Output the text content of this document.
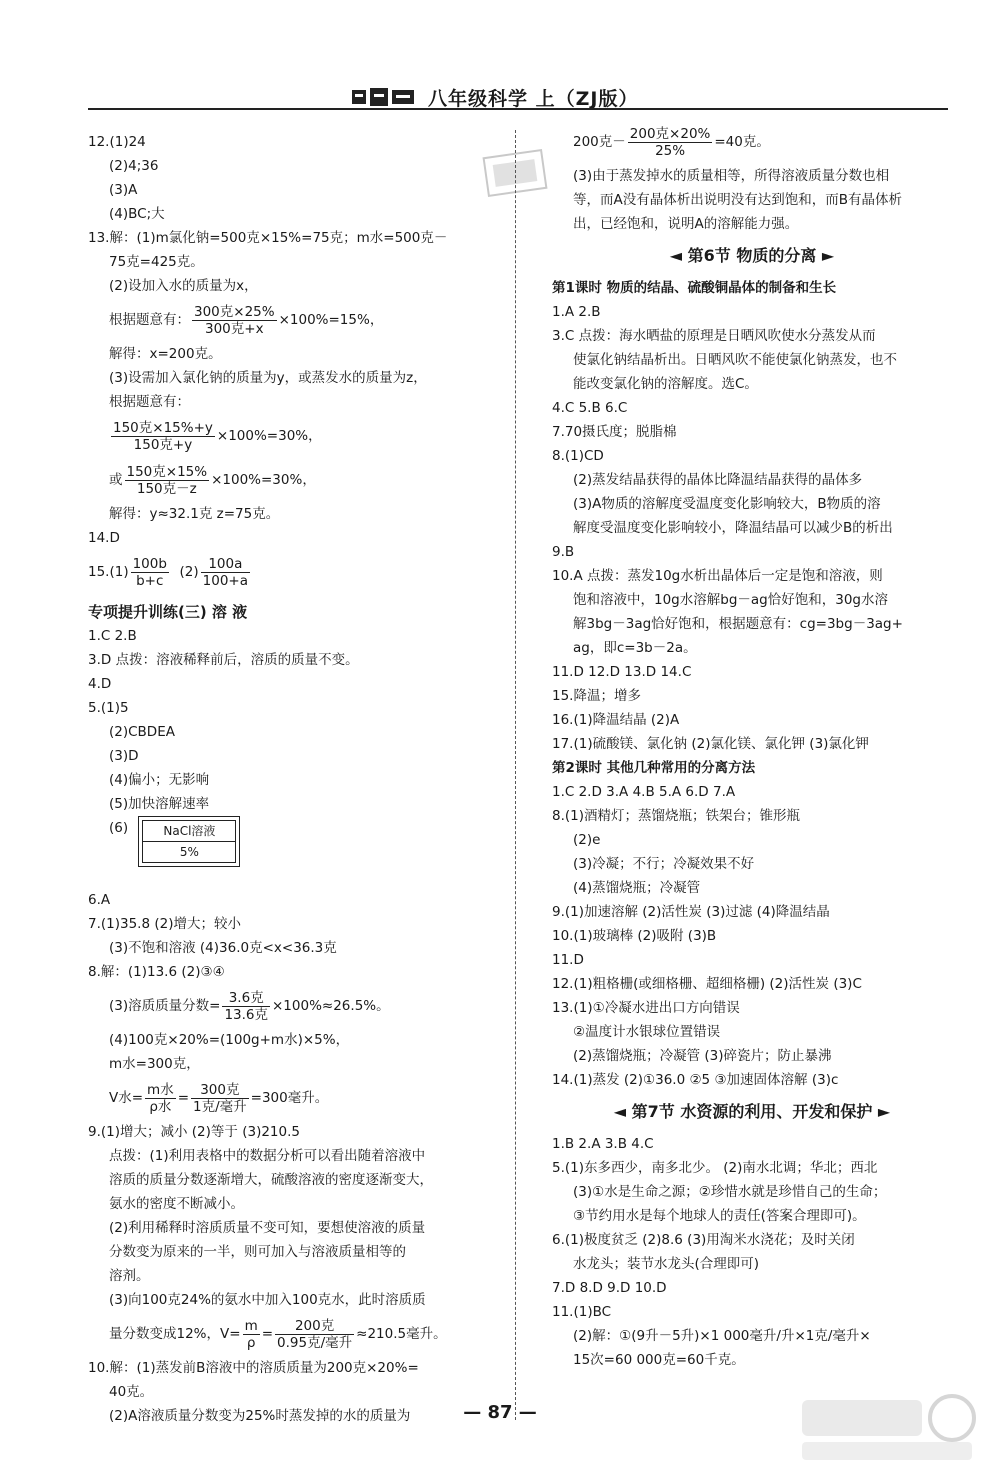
八年级科学 上（ZJ版）
12.(1)24
(2)4;36
(3)A
(4)BC;大
13.解：(1)m氯化钠=500克×15%=75克；m水=500克－
75克=425克。
(2)设加入水的质量为x，
根据题意有： $\frac{\text{300克×25\%}}{\text{300克+x}} \times 100\%=15\%$，
解得：x=200克。
(3)设需加入氯化钠的质量为y，或蒸发水的质量为z，
根据题意有：
$\frac{\text{150克×15\%+y}}{\text{150克+y}} \times 100\%=30\%$，
或 $\frac{\text{150克×15\%}}{\text{150克－z}} \times 100\%=30\%$，
解得：y≈32.1克 z=75克。
14.D
$15.(1) \frac{100b}{b+c} (2) \frac{100a}{100+a}$
专项提升训练(三) 溶 液
1.C 2.B
3.D 点拨：溶液稀释前后，溶质的质量不变。
4.D
5.(1)5
(2)CBDEA
(3)D
(4)偏小；无影响
(5)加快溶解速率
(6)	NaCl溶液
5%
6.A
7.(1)35.8 (2)增大；较小
(3)不饱和溶液 (4)36.0克<x<36.3克
8.解：(1)13.6 (2)③④
(3)溶质质量分数= $\frac{\text{3.6克}}{\text{13.6克}} \times 100\%\approx 26.5\%$。
(4)100克×20%=(100g+m水)×5%，
m水=300克，
V水= $\frac{\text{m水}}{\text{ρ水}} = \frac{\text{300克}}{\text{1克/毫升}} =300$毫升。
9.(1)增大；减小 (2)等于 (3)210.5
点拨：(1)利用表格中的数据分析可以看出随着溶液中
溶质的质量分数逐渐增大，硫酸溶液的密度逐渐变大，
氨水的密度不断减小。
(2)利用稀释时溶质质量不变可知，要想使溶液的质量
分数变为原来的一半，则可加入与溶液质量相等的
溶剂。
(3)向100克24%的氨水中加入100克水，此时溶质质
量分数变成12%，$V= \frac{m}{\rho} = \frac{\text{200克}}{\text{0.95克/毫升}} \approx 210.5$毫升。
10.解：(1)蒸发前B溶液中的溶质质量为200克×20%=
40克。
(2)A溶液质量分数变为25%时蒸发掉的水的质量为
200克－ $\frac{\text{200克×20\%}}{25\%} =40$克。
(3)由于蒸发掉水的质量相等，所得溶液质量分数也相
等，而A没有晶体析出说明没有达到饱和，而B有晶体析
出，已经饱和，说明A的溶解能力强。
◄ 第6节 物质的分离 ►
第1课时 物质的结晶、硫酸铜晶体的制备和生长
1.A 2.B
3.C 点拨：海水晒盐的原理是日晒风吹使水分蒸发从而
使氯化钠结晶析出。日晒风吹不能使氯化钠蒸发，也不
能改变氯化钠的溶解度。选C。
4.C 5.B 6.C
7.70摄氏度；脱脂棉
8.(1)CD
(2)蒸发结晶获得的晶体比降温结晶获得的晶体多
(3)A物质的溶解度受温度变化影响较大，B物质的溶
解度受温度变化影响较小，降温结晶可以减少B的析出
9.B
10.A 点拨：蒸发10g水析出晶体后一定是饱和溶液，则
饱和溶液中，10g水溶解bg－ag恰好饱和，30g水溶
解3bg－3ag恰好饱和，根据题意有：cg=3bg－3ag+
ag，即c=3b－2a。
11.D 12.D 13.D 14.C
15.降温；增多
16.(1)降温结晶 (2)A
17.(1)硫酸镁、氯化钠 (2)氯化镁、氯化钾 (3)氯化钾
第2课时 其他几种常用的分离方法
1.C 2.D 3.A 4.B 5.A 6.D 7.A
8.(1)酒精灯；蒸馏烧瓶；铁架台；锥形瓶
(2)e
(3)冷凝；不行；冷凝效果不好
(4)蒸馏烧瓶；冷凝管
9.(1)加速溶解 (2)活性炭 (3)过滤 (4)降温结晶
10.(1)玻璃棒 (2)吸附 (3)B
11.D
12.(1)粗格栅(或细格栅、超细格栅) (2)活性炭 (3)C
13.(1)①冷凝水进出口方向错误
②温度计水银球位置错误
(2)蒸馏烧瓶；冷凝管 (3)碎瓷片；防止暴沸
14.(1)蒸发 (2)①36.0 ②5 ③加速固体溶解 (3)c
◄ 第7节 水资源的利用、开发和保护 ►
1.B 2.A 3.B 4.C
5.(1)东多西少，南多北少。 (2)南水北调；华北；西北
(3)①水是生命之源；②珍惜水就是珍惜自己的生命；
③节约用水是每个地球人的责任(答案合理即可)。
6.(1)极度贫乏 (2)8.6 (3)用淘米水浇花；及时关闭
水龙头；装节水龙头(合理即可)
7.D 8.D 9.D 10.D
11.(1)BC
(2)解：①(9升－5升)×1 000毫升/升×1克/毫升×
15次=60 000克=60千克。
— 87 —
